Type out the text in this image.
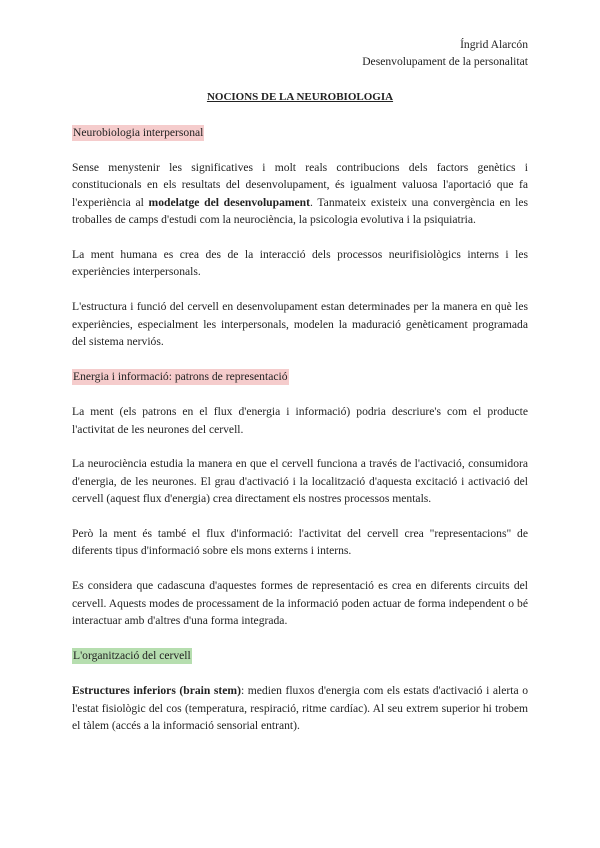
Íngrid Alarcón
Desenvolupament de la personalitat
NOCIONS DE LA NEUROBIOLOGIA
Neurobiologia interpersonal

Sense menystenir les significatives i molt reals contribucions dels factors genètics i constitucionals en els resultats del desenvolupament, és igualment valuosa l'aportació que fa l'experiència al modelatge del desenvolupament. Tanmateix existeix una convergència en les troballes de camps d'estudi com la neurociència, la psicologia evolutiva i la psiquiatria.

La ment humana es crea des de la interacció dels processos neurifisiològics interns i les experiències interpersonals.

L'estructura i funció del cervell en desenvolupament estan determinades per la manera en què les experiències, especialment les interpersonals, modelen la maduració genèticament programada del sistema nerviós.

Energia i informació: patrons de representació

La ment (els patrons en el flux d'energia i informació) podria descriure's com el producte l'activitat de les neurones del cervell.

La neurociència estudia la manera en que el cervell funciona a través de l'activació, consumidora d'energia, de les neurones. El grau d'activació i la localització d'aquesta excitació i activació del cervell (aquest flux d'energia) crea directament els nostres processos mentals.

Però la ment és també el flux d'informació: l'activitat del cervell crea "representacions" de diferents tipus d'informació sobre els mons externs i interns.

Es considera que cadascuna d'aquestes formes de representació es crea en diferents circuits del cervell. Aquests modes de processament de la informació poden actuar de forma independent o bé interactuar amb d'altres d'una forma integrada.

L'organització del cervell

Estructures inferiors (brain stem): medien fluxos d'energia com els estats d'activació i alerta o l'estat fisiològic del cos (temperatura, respiració, ritme cardíac). Al seu extrem superior hi trobem el tàlem (accés a la informació sensorial entrant).
